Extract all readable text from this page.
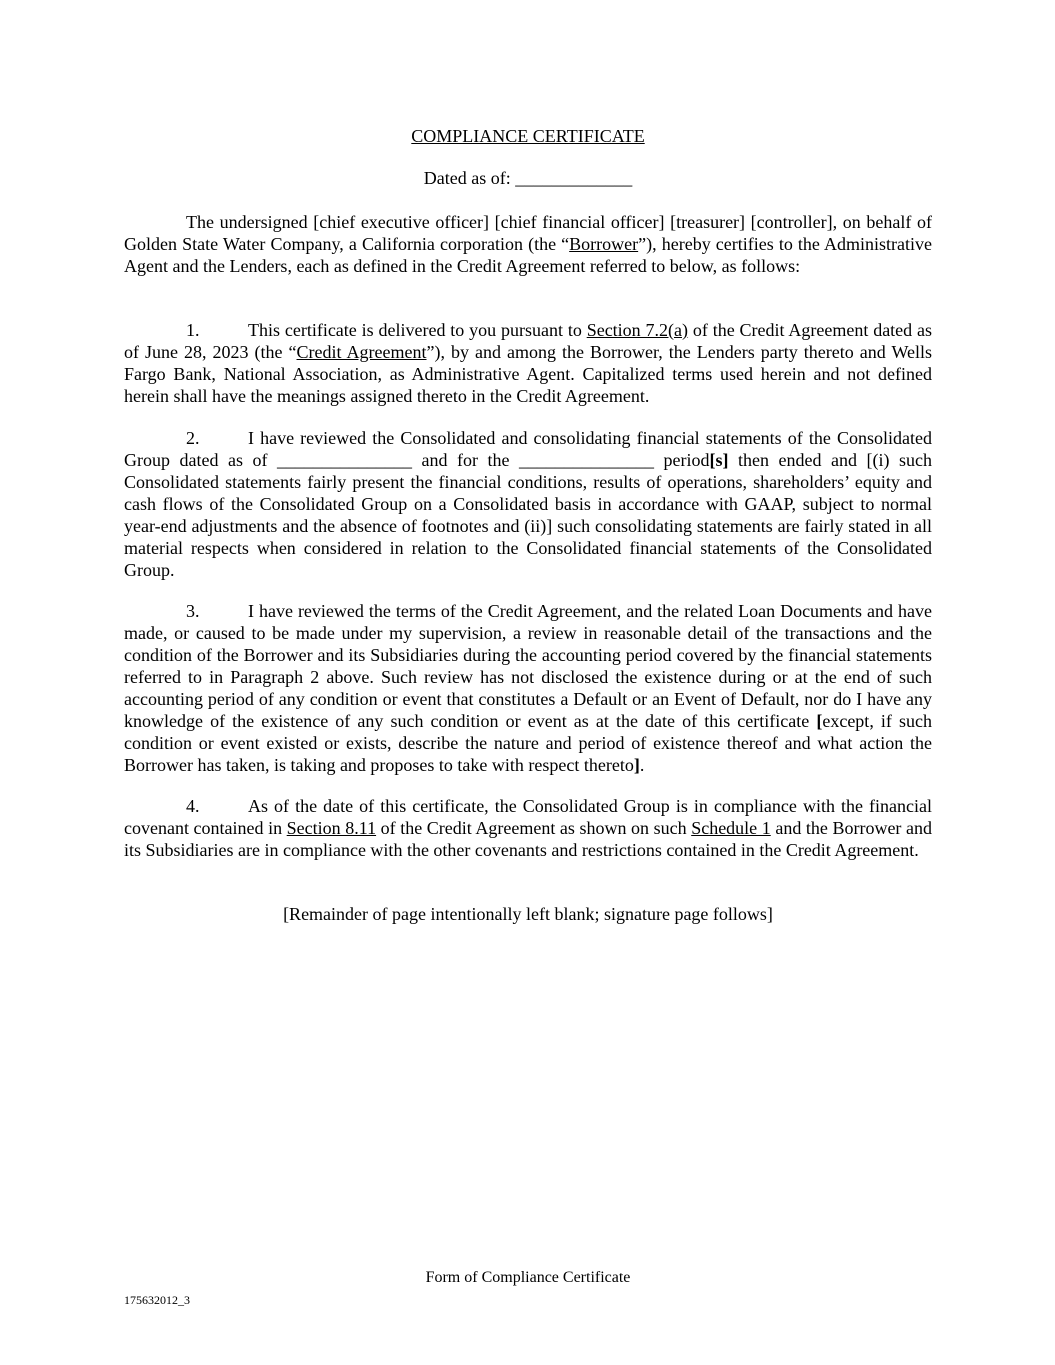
COMPLIANCE CERTIFICATE
Dated as of: _____________
The undersigned [chief executive officer] [chief financial officer] [treasurer] [controller], on behalf of Golden State Water Company, a California corporation (the “Borrower”), hereby certifies to the Administrative Agent and the Lenders, each as defined in the Credit Agreement referred to below, as follows:
1.	This certificate is delivered to you pursuant to Section 7.2(a) of the Credit Agreement dated as of June 28, 2023 (the “Credit Agreement”), by and among the Borrower, the Lenders party thereto and Wells Fargo Bank, National Association, as Administrative Agent. Capitalized terms used herein and not defined herein shall have the meanings assigned thereto in the Credit Agreement.
2.	I have reviewed the Consolidated and consolidating financial statements of the Consolidated Group dated as of _______________ and for the _______________ period[s] then ended and [(i) such Consolidated statements fairly present the financial conditions, results of operations, shareholders’ equity and cash flows of the Consolidated Group on a Consolidated basis in accordance with GAAP, subject to normal year-end adjustments and the absence of footnotes and (ii)] such consolidating statements are fairly stated in all material respects when considered in relation to the Consolidated financial statements of the Consolidated Group.
3.	I have reviewed the terms of the Credit Agreement, and the related Loan Documents and have made, or caused to be made under my supervision, a review in reasonable detail of the transactions and the condition of the Borrower and its Subsidiaries during the accounting period covered by the financial statements referred to in Paragraph 2 above. Such review has not disclosed the existence during or at the end of such accounting period of any condition or event that constitutes a Default or an Event of Default, nor do I have any knowledge of the existence of any such condition or event as at the date of this certificate [except, if such condition or event existed or exists, describe the nature and period of existence thereof and what action the Borrower has taken, is taking and proposes to take with respect thereto].
4.	As of the date of this certificate, the Consolidated Group is in compliance with the financial covenant contained in Section 8.11 of the Credit Agreement as shown on such Schedule 1 and the Borrower and its Subsidiaries are in compliance with the other covenants and restrictions contained in the Credit Agreement.
[Remainder of page intentionally left blank; signature page follows]
Form of Compliance Certificate
175632012_3
